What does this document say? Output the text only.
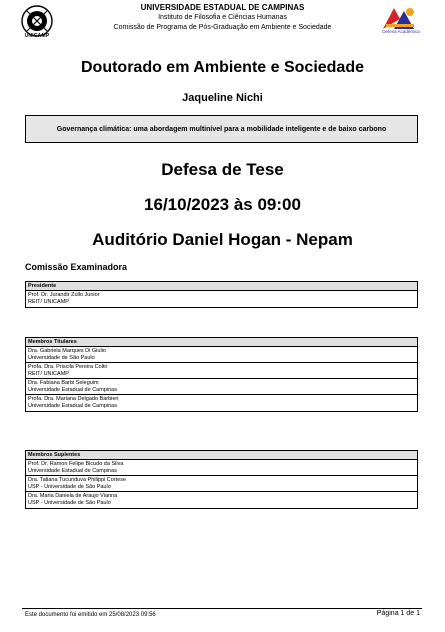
UNICAMP
UNIVERSIDADE ESTADUAL DE CAMPINAS
Instituto de Filosofia e Ciências Humanas
Comissão de Programa de Pós-Graduação em Ambiente e Sociedade
Defesa Acadêmica
Doutorado em Ambiente e Sociedade
Jaqueline Nichi
Governança climática: uma abordagem multinível para a mobilidade inteligente e de baixo carbono
Defesa de Tese
16/10/2023 às 09:00
Auditório Daniel Hogan - Nepam
Comissão Examinadora
Presidente
Prof. Dr. Jurandir Zullo Junior
REIT/ UNICAMP
Membros Titulares
Dra. Gabriela Marques Di Giulio
Universidade de São Paulo
Profa. Dra. Priscila Pereira Coltri
REIT/ UNICAMP
Dra. Fabiana Barbi Seleguim
Universidade Estadual de Campinas
Profa. Dra. Mariana Delgado Barbieri
Universidade Estadual de Campinas
Membros Suplentes
Prof. Dr. Ramon Felipe Bicudo da Silva
Universidade Estadual de Campinas
Dra. Tatiana Tucunduva Philippi Cortese
USP - Universidade de São Paulo
Dra. Maria Daniela de Araujo Vianna
USP - Universidade de São Paulo
Este documento foi emitido em 25/08/2023 09:56	Página 1 de 1
